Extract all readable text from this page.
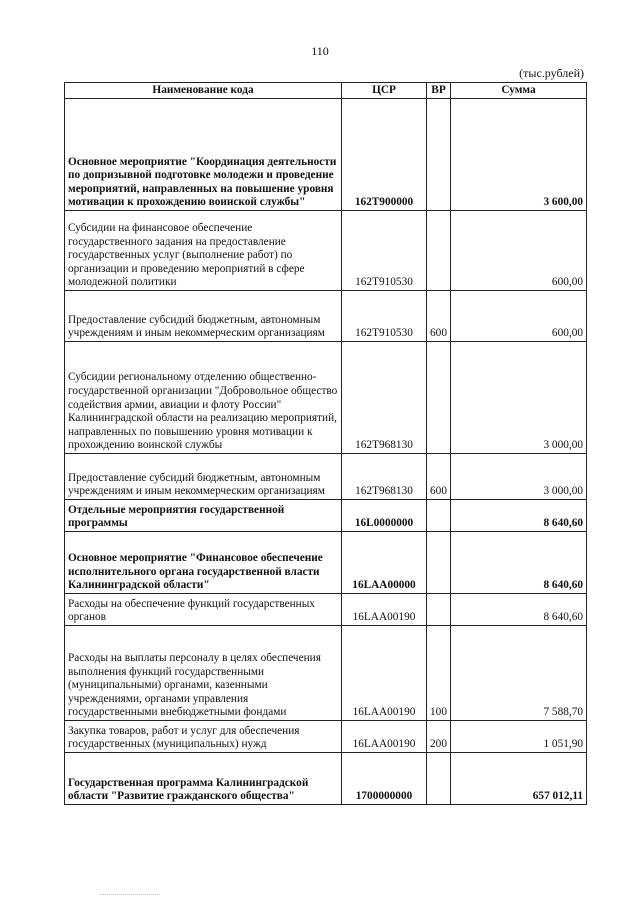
110
(тыс.рублей)
Наименование кода	ЦСР	ВР	Сумма
Основное мероприятие "Координация деятельности по допризывной подготовке молодежи и проведение мероприятий, направленных на повышение уровня мотивации к прохождению воинской службы"	162Т900000		3 600,00
Субсидии на финансовое обеспечение государственного задания на предоставление государственных услуг (выполнение работ) по организации и проведению мероприятий в сфере молодежной политики	162Т910530		600,00
Предоставление субсидий бюджетным, автономным учреждениям и иным некоммерческим организациям	162Т910530	600	600,00
Субсидии региональному отделению общественно-государственной организации "Добровольное общество содействия армии, авиации и флоту России" Калининградской области на реализацию мероприятий, направленных по повышению уровня мотивации к прохождению воинской службы	162Т968130		3 000,00
Предоставление субсидий бюджетным, автономным учреждениям и иным некоммерческим организациям	162Т968130	600	3 000,00
Отдельные мероприятия государственной программы	16L0000000		8 640,60
Основное мероприятие "Финансовое обеспечение исполнительного органа государственной власти Калининградской области"	16LAA00000		8 640,60
Расходы на обеспечение функций государственных органов	16LAA00190		8 640,60
Расходы на выплаты персоналу в целях обеспечения выполнения функций государственными (муниципальными) органами, казенными учреждениями, органами управления государственными внебюджетными фондами	16LAA00190	100	7 588,70
Закупка товаров, работ и услуг для обеспечения государственных (муниципальных) нужд	16LAA00190	200	1 051,90
Государственная программа Калининградской области "Развитие гражданского общества"	1700000000		657 012,11
